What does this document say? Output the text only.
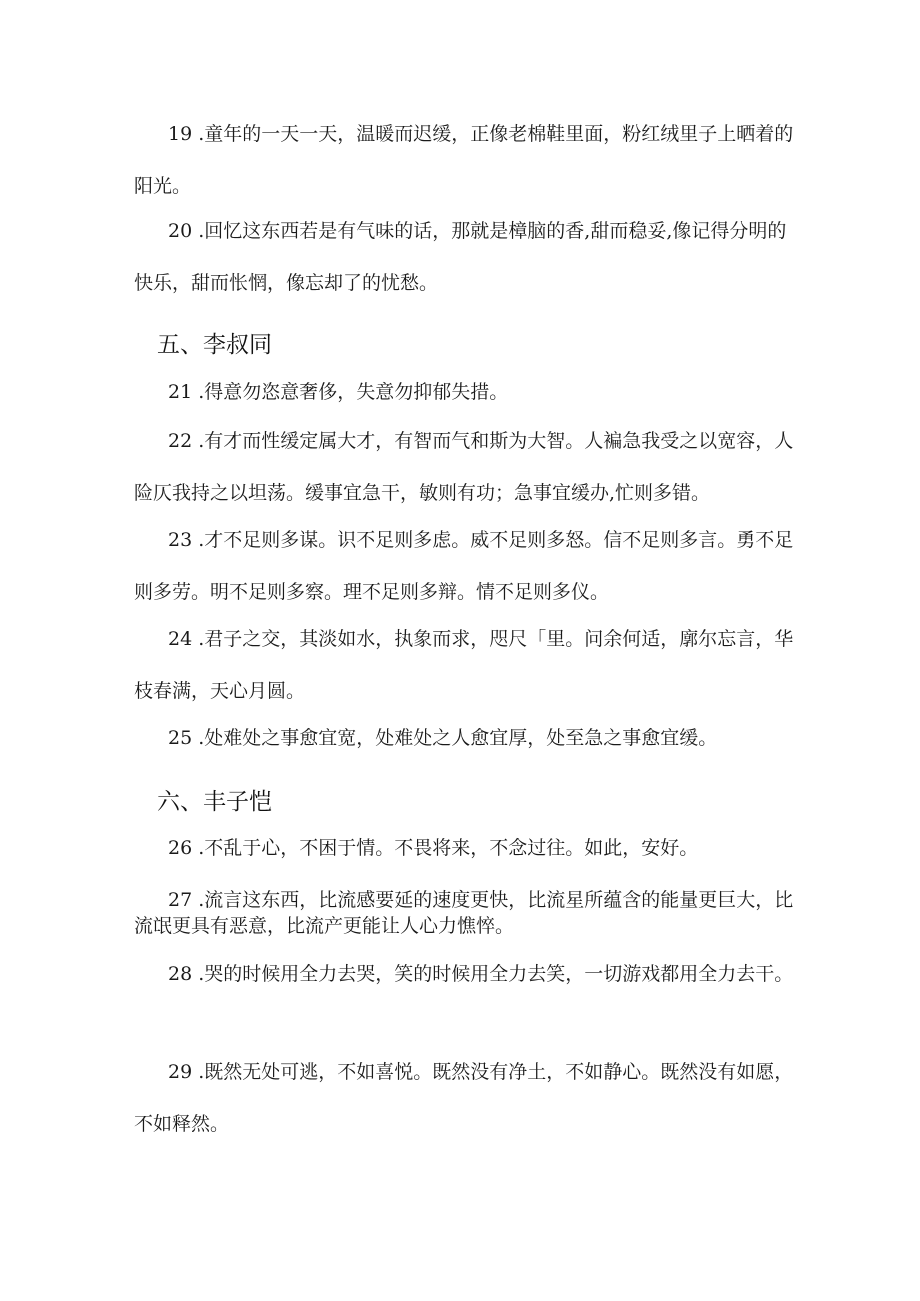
19 .童年的一天一天，温暖而迟缓，正像老棉鞋里面，粉红绒里子上晒着的阳光。

20 .回忆这东西若是有气味的话，那就是樟脑的香,甜而稳妥,像记得分明的快乐，甜而怅惘，像忘却了的忧愁。

五、李叔同

21 .得意勿恣意奢侈，失意勿抑郁失措。

22 .有才而性缓定属大才，有智而气和斯为大智。人褊急我受之以宽容，人险仄我持之以坦荡。缓事宜急干，敏则有功；急事宜缓办,忙则多错。

23 .才不足则多谋。识不足则多虑。威不足则多怒。信不足则多言。勇不足则多劳。明不足则多察。理不足则多辩。情不足则多仪。

24 .君子之交，其淡如水，执象而求，咫尺「里。问余何适，廓尔忘言，华枝春满，天心月圆。

25 .处难处之事愈宜宽，处难处之人愈宜厚，处至急之事愈宜缓。

六、丰子恺

26 .不乱于心，不困于情。不畏将来，不念过往。如此，安好。

27 .流言这东西，比流感要延的速度更快，比流星所蕴含的能量更巨大，比流氓更具有恶意，比流产更能让人心力憔悴。

28 .哭的时候用全力去哭，笑的时候用全力去笑，一切游戏都用全力去干。

29 .既然无处可逃，不如喜悦。既然没有净土，不如静心。既然没有如愿，不如释然。
